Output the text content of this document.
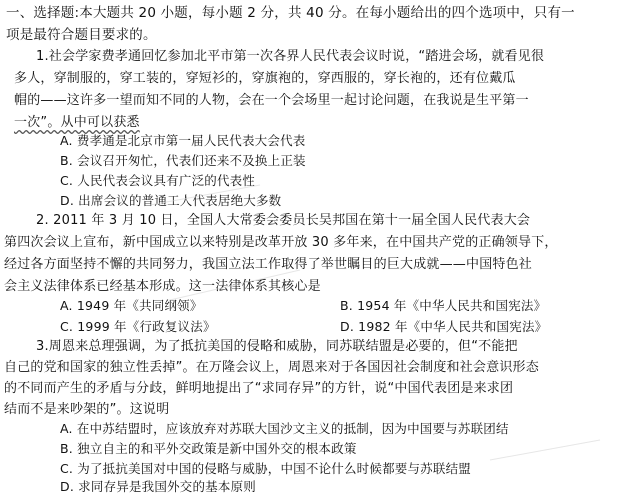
一、选择题:本大题共 20 小题，每小题 2 分，共 40 分。在每小题给出的四个选项中，只有一
项是最符合题目要求的。
1.社会学家费孝通回忆参加北平市第一次各界人民代表会议时说，“踏进会场，就看见很
多人，穿制服的，穿工装的，穿短衫的，穿旗袍的，穿西服的，穿长袍的，还有位戴瓜
帽的——这许多一望而知不同的人物，会在一个会场里一起讨论问题，在我说是生平第一
一次”。从中可以获悉
A. 费孝通是北京市第一届人民代表大会代表
B. 会议召开匆忙，代表们还来不及换上正装
C. 人民代表会议具有广泛的代表性
D. 出席会议的普通工人代表居绝大多数
2. 2011 年 3 月 10 日，全国人大常委会委员长吴邦国在第十一届全国人民代表大会
第四次会议上宣布，新中国成立以来特别是改革开放 30 多年来，在中国共产党的正确领导下，
经过各方面坚持不懈的共同努力，我国立法工作取得了举世瞩目的巨大成就——中国特色社
会主义法律体系已经基本形成。这一法律体系其核心是
A. 1949 年《共同纲领》	B. 1954 年《中华人民共和国宪法》
C. 1999 年《行政复议法》	D. 1982 年《中华人民共和国宪法》
3.周恩来总理强调，为了抵抗美国的侵略和威胁，同苏联结盟是必要的，但“不能把
自己的党和国家的独立性丢掉”。在万隆会议上，周恩来对于各国因社会制度和社会意识形态
的不同而产生的矛盾与分歧，鲜明地提出了“求同存异”的方针，说“中国代表团是来求团
结而不是来吵架的”。这说明
A. 在中苏结盟时，应该放弃对苏联大国沙文主义的抵制，因为中国要与苏联团结
B. 独立自主的和平外交政策是新中国外交的根本政策
C. 为了抵抗美国对中国的侵略与威胁，中国不论什么时候都要与苏联结盟
D. 求同存异是我国外交的基本原则
